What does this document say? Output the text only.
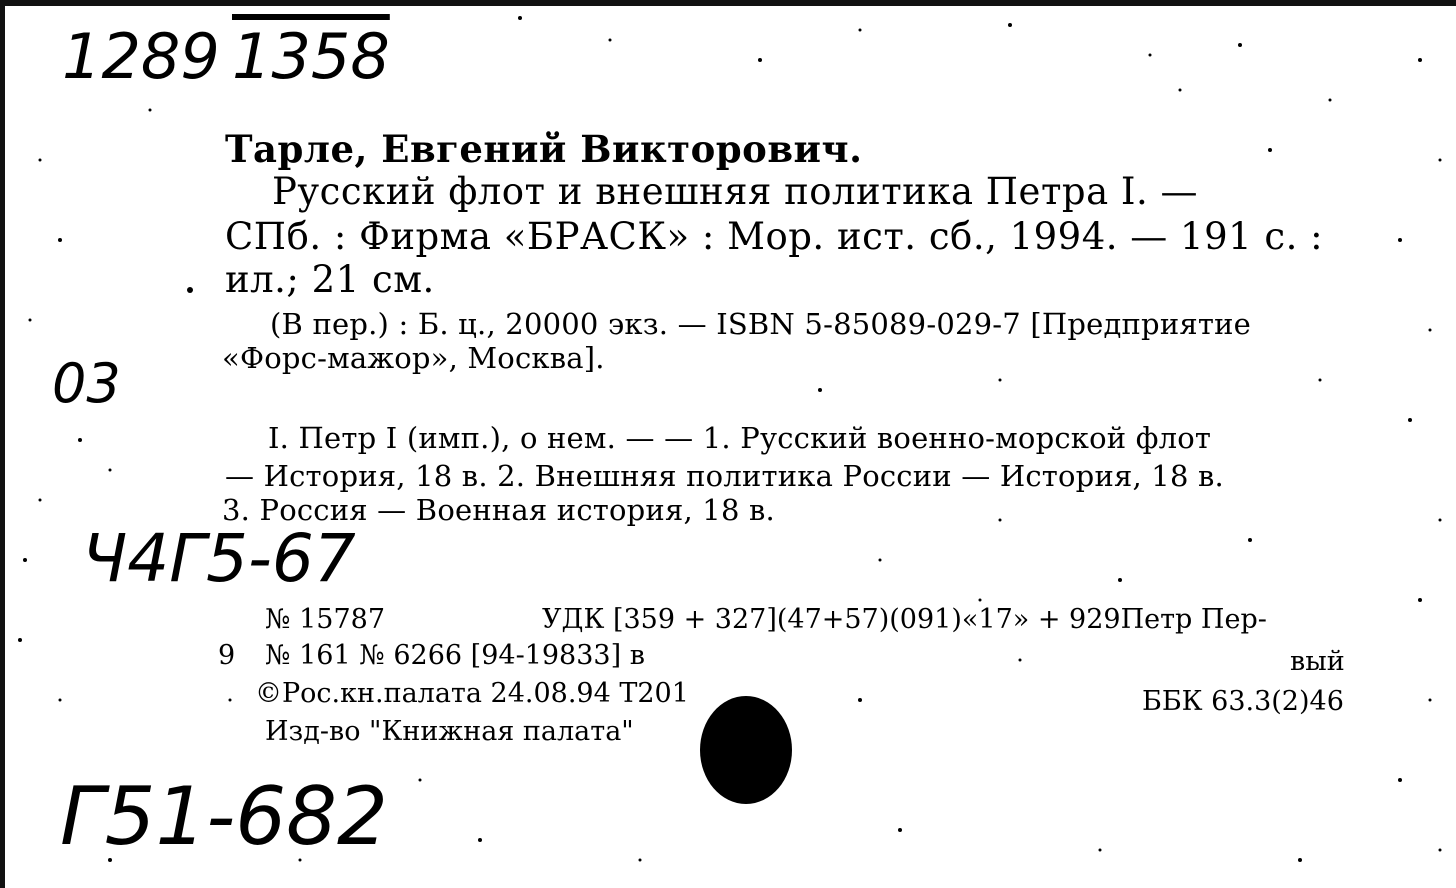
1289 1358
03
Ч4Г5-67
Г51-682
Тарле, Евгений Викторович.
Русский флот и внешняя политика Петра I. —
СПб. : Фирма «БРАСК» : Мор. ист. сб., 1994. — 191 с. :
ил.; 21 см.
(В пер.) : Б. ц., 20000 экз. — ISBN 5-85089-029-7 [Предприятие
«Форс-мажор», Москва].
I. Петр I (имп.), о нем. — — 1. Русский военно-морской флот
— История, 18 в. 2. Внешняя политика России — История, 18 в.
3. Россия — Военная история, 18 в.
№ 15787	УДК [359 + 327](47+57)(091)«17» + 929Петр Пер-
вый
9 № 161 № 6266 [94-19833] в
©Рос.кн.палата 24.08.94 Т201	ББК 63.3(2)46
Изд-во "Книжная палата"
